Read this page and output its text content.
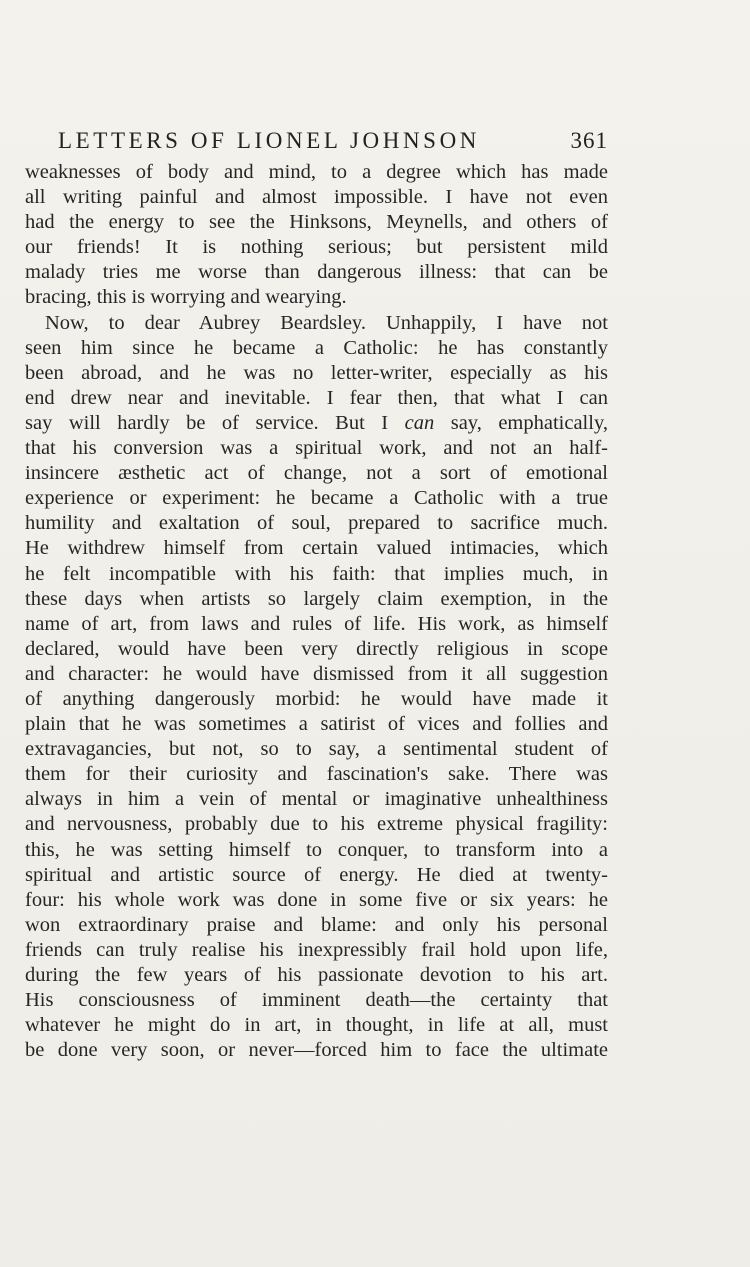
LETTERS OF LIONEL JOHNSON	361
weaknesses of body and mind, to a degree which has made
all writing painful and almost impossible. I have not even
had the energy to see the Hinksons, Meynells, and others of
our friends! It is nothing serious; but persistent mild
malady tries me worse than dangerous illness: that can be
bracing, this is worrying and wearying.
Now, to dear Aubrey Beardsley. Unhappily, I have not
seen him since he became a Catholic: he has constantly
been abroad, and he was no letter-writer, especially as his
end drew near and inevitable. I fear then, that what I can
say will hardly be of service. But I can say, emphatically,
that his conversion was a spiritual work, and not an half-
insincere æsthetic act of change, not a sort of emotional
experience or experiment: he became a Catholic with a true
humility and exaltation of soul, prepared to sacrifice much.
He withdrew himself from certain valued intimacies, which
he felt incompatible with his faith: that implies much, in
these days when artists so largely claim exemption, in the
name of art, from laws and rules of life. His work, as himself
declared, would have been very directly religious in scope
and character: he would have dismissed from it all suggestion
of anything dangerously morbid: he would have made it
plain that he was sometimes a satirist of vices and follies and
extravagancies, but not, so to say, a sentimental student of
them for their curiosity and fascination's sake. There was
always in him a vein of mental or imaginative unhealthiness
and nervousness, probably due to his extreme physical fragility:
this, he was setting himself to conquer, to transform into a
spiritual and artistic source of energy. He died at twenty-
four: his whole work was done in some five or six years: he
won extraordinary praise and blame: and only his personal
friends can truly realise his inexpressibly frail hold upon life,
during the few years of his passionate devotion to his art.
His consciousness of imminent death—the certainty that
whatever he might do in art, in thought, in life at all, must
be done very soon, or never—forced him to face the ultimate
